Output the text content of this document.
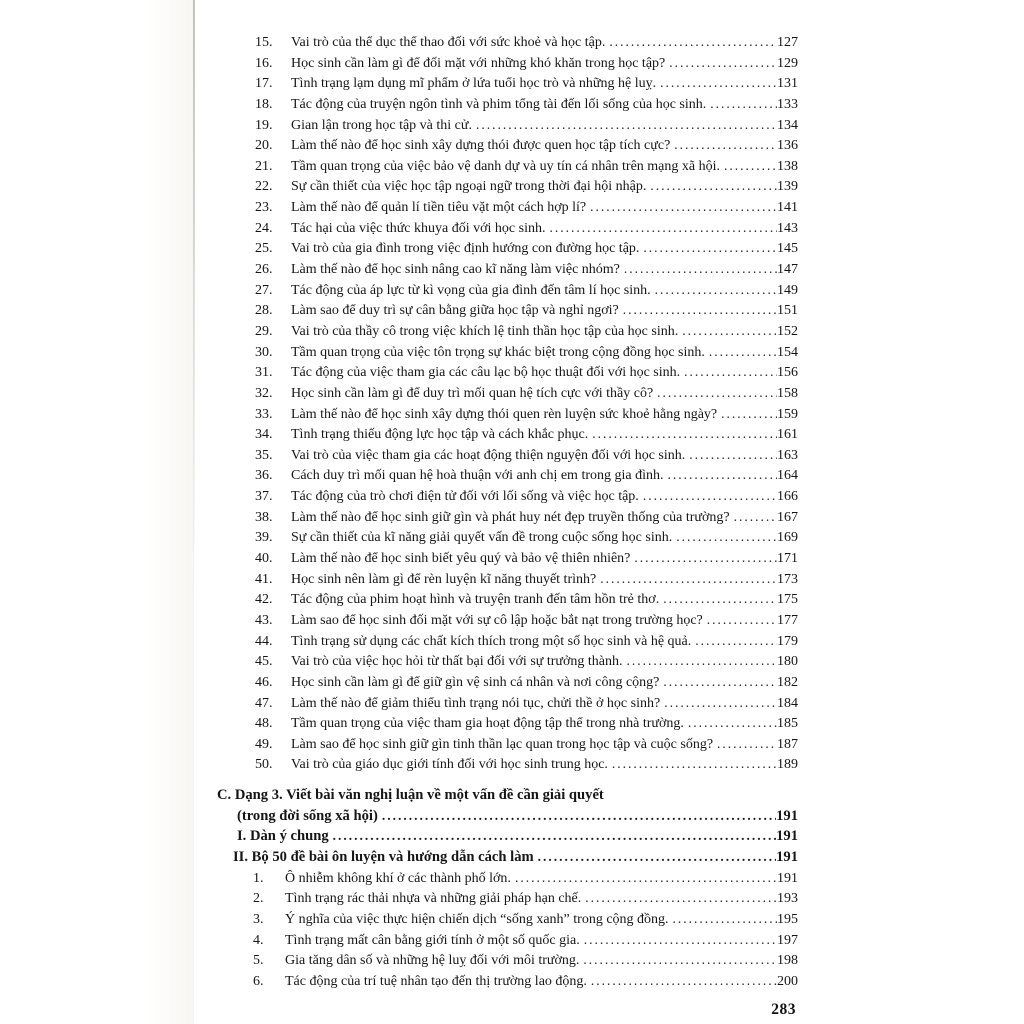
15.	Vai trò của thể dục thể thao đối với sức khoẻ và học tập. .....	127
16.	Học sinh cần làm gì để đối mặt với những khó khăn trong học tập? .....	129
17.	Tình trạng lạm dụng mĩ phẩm ở lứa tuổi học trò và những hệ luỵ. .....	131
18.	Tác động của truyện ngôn tình và phim tổng tài đến lối sống của học sinh. .....	133
19.	Gian lận trong học tập và thi cử. .....	134
20.	Làm thế nào để học sinh xây dựng thói được quen học tập tích cực? .....	136
21.	Tầm quan trọng của việc bảo vệ danh dự và uy tín cá nhân trên mạng xã hội. .....	138
22.	Sự cần thiết của việc học tập ngoại ngữ trong thời đại hội nhập. .....	139
23.	Làm thế nào để quản lí tiền tiêu vặt một cách hợp lí? .....	141
24.	Tác hại của việc thức khuya đối với học sinh. .....	143
25.	Vai trò của gia đình trong việc định hướng con đường học tập. .....	145
26.	Làm thế nào để học sinh nâng cao kĩ năng làm việc nhóm? .....	147
27.	Tác động của áp lực từ kì vọng của gia đình đến tâm lí học sinh. .....	149
28.	Làm sao để duy trì sự cân bằng giữa học tập và nghỉ ngơi? .....	151
29.	Vai trò của thầy cô trong việc khích lệ tinh thần học tập của học sinh. .....	152
30.	Tầm quan trọng của việc tôn trọng sự khác biệt trong cộng đồng học sinh. .....	154
31.	Tác động của việc tham gia các câu lạc bộ học thuật đối với học sinh. .....	156
32.	Học sinh cần làm gì để duy trì mối quan hệ tích cực với thầy cô? .....	158
33.	Làm thế nào để học sinh xây dựng thói quen rèn luyện sức khoẻ hằng ngày? .....	159
34.	Tình trạng thiếu động lực học tập và cách khắc phục. .....	161
35.	Vai trò của việc tham gia các hoạt động thiện nguyện đối với học sinh. .....	163
36.	Cách duy trì mối quan hệ hoà thuận với anh chị em trong gia đình. .....	164
37.	Tác động của trò chơi điện tử đối với lối sống và việc học tập. .....	166
38.	Làm thế nào để học sinh giữ gìn và phát huy nét đẹp truyền thống của trường? .....	167
39.	Sự cần thiết của kĩ năng giải quyết vấn đề trong cuộc sống học sinh. .....	169
40.	Làm thế nào để học sinh biết yêu quý và bảo vệ thiên nhiên? .....	171
41.	Học sinh nên làm gì để rèn luyện kĩ năng thuyết trình? .....	173
42.	Tác động của phim hoạt hình và truyện tranh đến tâm hồn trẻ thơ. .....	175
43.	Làm sao để học sinh đối mặt với sự cô lập hoặc bắt nạt trong trường học? .....	177
44.	Tình trạng sử dụng các chất kích thích trong một số học sinh và hệ quả. .....	179
45.	Vai trò của việc học hỏi từ thất bại đối với sự trưởng thành. .....	180
46.	Học sinh cần làm gì để giữ gìn vệ sinh cá nhân và nơi công cộng? .....	182
47.	Làm thế nào để giảm thiểu tình trạng nói tục, chửi thề ở học sinh? .....	184
48.	Tầm quan trọng của việc tham gia hoạt động tập thể trong nhà trường. .....	185
49.	Làm sao để học sinh giữ gìn tinh thần lạc quan trong học tập và cuộc sống? .....	187
50.	Vai trò của giáo dục giới tính đối với học sinh trung học. .....	189
C. Dạng 3. Viết bài văn nghị luận về một vấn đề cần giải quyết
(trong đời sống xã hội) .....	191
I. Dàn ý chung .....	191
II. Bộ 50 đề bài ôn luyện và hướng dẫn cách làm .....	191
1.	Ô nhiễm không khí ở các thành phố lớn. .....	191
2.	Tình trạng rác thải nhựa và những giải pháp hạn chế. .....	193
3.	Ý nghĩa của việc thực hiện chiến dịch “sống xanh” trong cộng đồng. .....	195
4.	Tình trạng mất cân bằng giới tính ở một số quốc gia. .....	197
5.	Gia tăng dân số và những hệ luỵ đối với môi trường. .....	198
6.	Tác động của trí tuệ nhân tạo đến thị trường lao động. .....	200
283
